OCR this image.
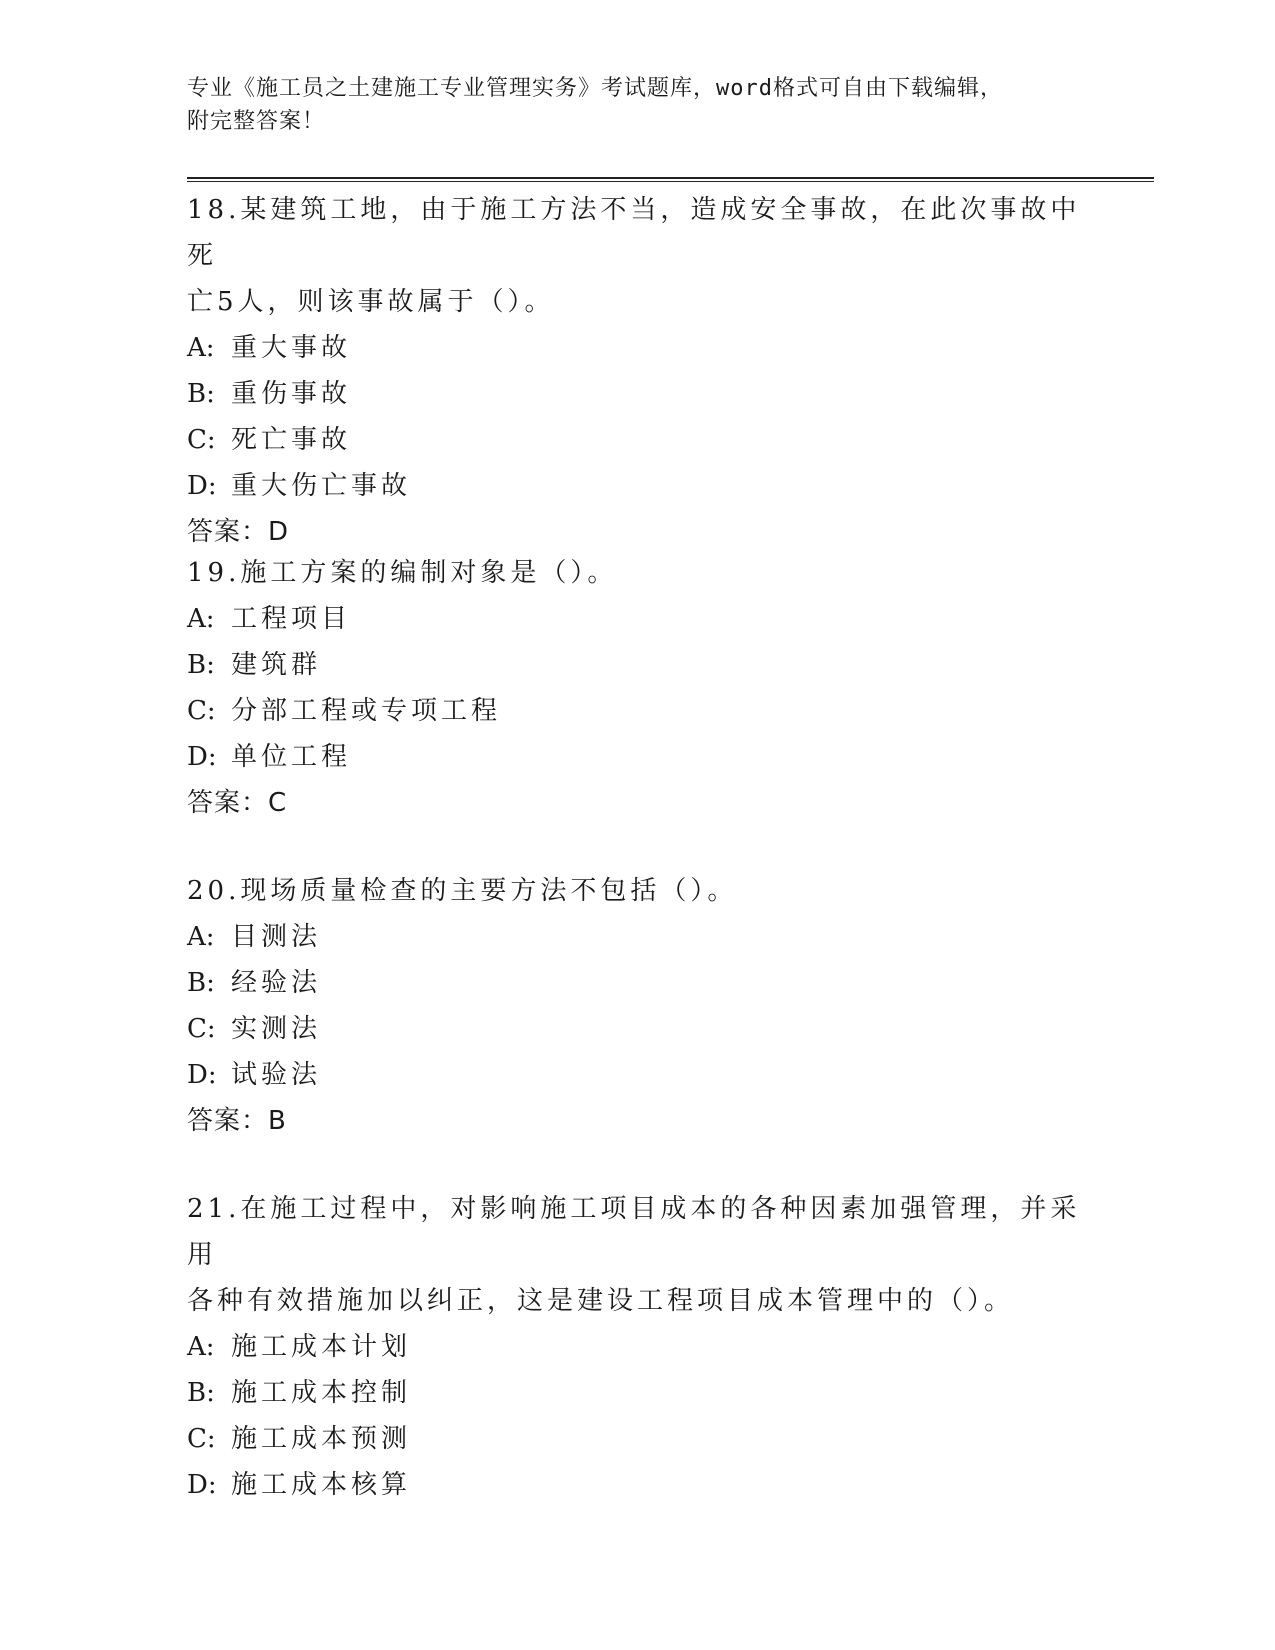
专业《施工员之土建施工专业管理实务》考试题库，word格式可自由下载编辑，
附完整答案！

18.某建筑工地，由于施工方法不当，造成安全事故，在此次事故中死

亡5人，则该事故属于（）。

A: 重大事故

B: 重伤事故

C: 死亡事故

D: 重大伤亡事故

答案：D

19.施工方案的编制对象是（）。

A: 工程项目

B: 建筑群

C: 分部工程或专项工程

D: 单位工程

答案：C

20.现场质量检查的主要方法不包括（）。

A: 目测法

B: 经验法

C: 实测法

D: 试验法

答案：B

21.在施工过程中，对影响施工项目成本的各种因素加强管理，并采用

各种有效措施加以纠正，这是建设工程项目成本管理中的（）。

A: 施工成本计划

B: 施工成本控制

C: 施工成本预测

D: 施工成本核算
